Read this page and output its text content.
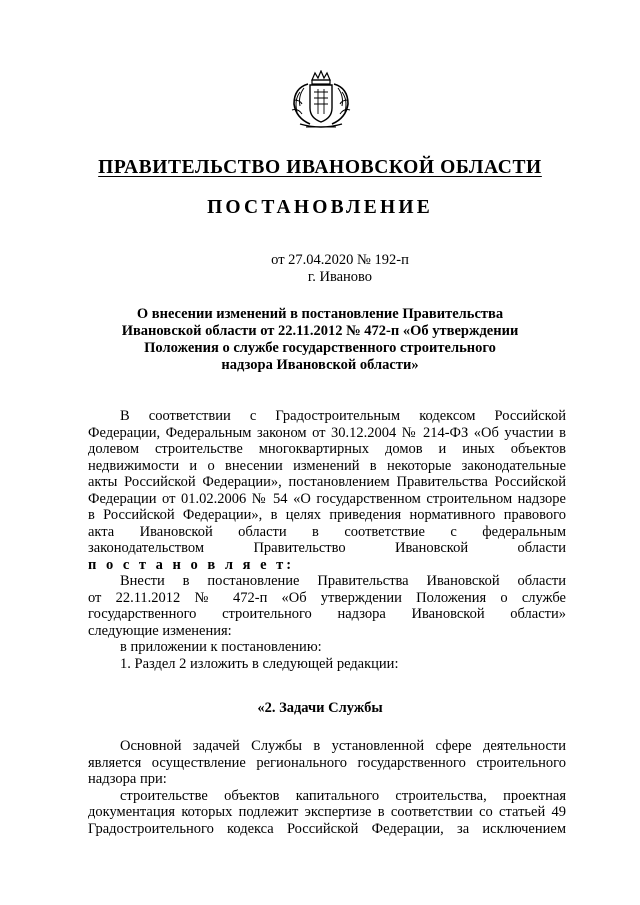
ПРАВИТЕЛЬСТВО ИВАНОВСКОЙ ОБЛАСТИ
ПОСТАНОВЛЕНИЕ
от 27.04.2020 № 192-п
г. Иваново
О внесении изменений в постановление Правительства
Ивановской области от 22.11.2012 № 472-п «Об утверждении
Положения о службе государственного строительного
надзора Ивановской области»

В соответствии с Градостроительным кодексом Российской

Федерации, Федеральным законом от 30.12.2004 № 214-ФЗ «Об участии в

долевом строительстве многоквартирных домов и иных объектов

недвижимости и о внесении изменений в некоторые законодательные

акты Российской Федерации», постановлением Правительства Российской

Федерации от 01.02.2006 № 54 «О государственном строительном надзоре

в Российской Федерации», в целях приведения нормативного правового

акта Ивановской области в соответствие с федеральным

законодательством Правительство Ивановской области

п о с т а н о в л я е т:

Внести в постановление Правительства Ивановской области

от 22.11.2012 № 472-п «Об утверждении Положения о службе

государственного строительного надзора Ивановской области»

следующие изменения:

в приложении к постановлению:

1. Раздел 2 изложить в следующей редакции:

«2. Задачи Службы

Основной задачей Службы в установленной сфере деятельности

является осуществление регионального государственного строительного

надзора при:

строительстве объектов капитального строительства, проектная

документация которых подлежит экспертизе в соответствии со статьей 49

Градостроительного кодекса Российской Федерации, за исключением
